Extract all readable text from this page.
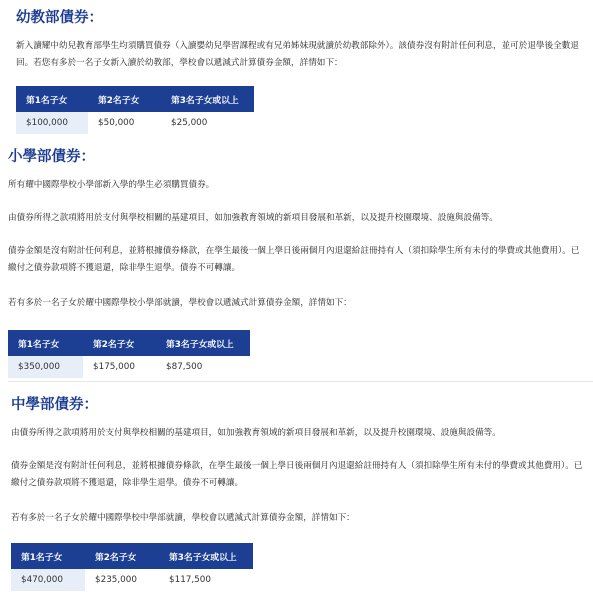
幼教部債券：

新入讀耀中幼兒教育部學生均須購買債券（入讀嬰幼兒學習課程或有兄弟姊妹現就讀於幼教部除外）。該債券沒有附計任何利息，並可於退學後全數退回。若您有多於一名子女新入讀於幼教部，學校會以遞減式計算債券金額，詳情如下：

第1名子女	第2名子女	第3名子女或以上
$100,000	$50,000	$25,000
小學部債券：

所有耀中國際學校小學部新入學的學生必須購買債券。

由債券所得之款項將用於支付與學校相關的基建項目，如加強教育領域的新項目發展和革新，以及提升校園環境、設施與設備等。

債券金額是沒有附計任何利息，並將根據債券條款，在學生最後一個上學日後兩個月內退還給註冊持有人（須扣除學生所有未付的學費或其他費用）。已繳付之債券款項將不獲退還，除非學生退學。債券不可轉讓。

若有多於一名子女於耀中國際學校小學部就讀，學校會以遞減式計算債券金額，詳情如下：

第1名子女	第2名子女	第3名子女或以上
$350,000	$175,000	$87,500
中學部債券：

由債券所得之款項將用於支付與學校相關的基建項目，如加強教育領域的新項目發展和革新，以及提升校園環境、設施與設備等。

債券金額是沒有附計任何利息，並將根據債券條款，在學生最後一個上學日後兩個月內退還給註冊持有人（須扣除學生所有未付的學費或其他費用）。已繳付之債券款項將不獲退還，除非學生退學。債券不可轉讓。

若有多於一名子女於耀中國際學校中學部就讀，學校會以遞減式計算債券金額，詳情如下：

第1名子女	第2名子女	第3名子女或以上
$470,000	$235,000	$117,500
